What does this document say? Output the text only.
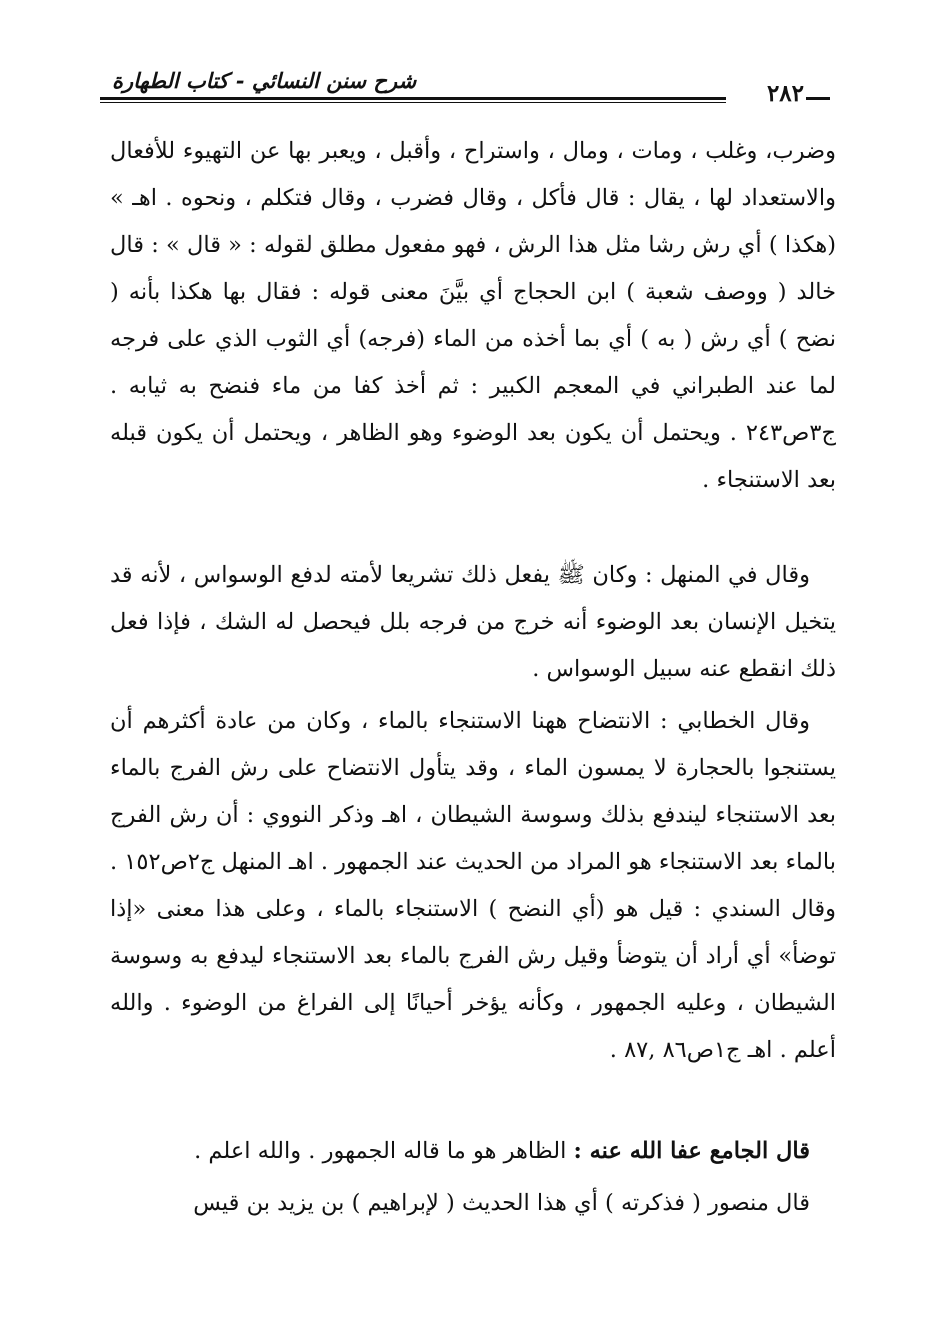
٢٨٢
شرح سنن النسائي - كتاب الطهارة

وضرب، وغلب ، ومات ، ومال ، واستراح ، وأقبل ، ويعبر بها عن التهيوء للأفعال والاستعداد لها ، يقال : قال فأكل ، وقال فضرب ، وقال فتكلم ، ونحوه . اهـ » (هكذا ) أي رش رشا مثل هذا الرش ، فهو مفعول مطلق لقوله : « قال » : قال خالد ( ووصف شعبة ) ابن الحجاج أي بيَّنَ معنى قوله : فقال بها هكذا بأنه ( نضح ) أي رش ( به ) أي بما أخذه من الماء (فرجه) أي الثوب الذي على فرجه لما عند الطبراني في المعجم الكبير : ثم أخذ كفا من ماء فنضح به ثيابه . ج٣ص٢٤٣ . ويحتمل أن يكون بعد الوضوء وهو الظاهر ، ويحتمل أن يكون قبله بعد الاستنجاء .

وقال في المنهل : وكان ﷺ يفعل ذلك تشريعا لأمته لدفع الوسواس ، لأنه قد يتخيل الإنسان بعد الوضوء أنه خرج من فرجه بلل فيحصل له الشك ، فإذا فعل ذلك انقطع عنه سبيل الوسواس .

وقال الخطابي : الانتضاح ههنا الاستنجاء بالماء ، وكان من عادة أكثرهم أن يستنجوا بالحجارة لا يمسون الماء ، وقد يتأول الانتضاح على رش الفرج بالماء بعد الاستنجاء ليندفع بذلك وسوسة الشيطان ، اهـ وذكر النووي : أن رش الفرج بالماء بعد الاستنجاء هو المراد من الحديث عند الجمهور . اهـ المنهل ج٢ص١٥٢ . وقال السندي : قيل هو (أي النضح ) الاستنجاء بالماء ، وعلى هذا معنى «إذا توضأ» أي أراد أن يتوضأ وقيل رش الفرج بالماء بعد الاستنجاء ليدفع به وسوسة الشيطان ، وعليه الجمهور ، وكأنه يؤخر أحيانًا إلى الفراغ من الوضوء . والله أعلم . اهـ ج١ص٨٦ ,٨٧ .

قال الجامع عفا الله عنه : الظاهر هو ما قاله الجمهور . والله اعلم .

قال منصور ( فذكرته ) أي هذا الحديث ( لإبراهيم ) بن يزيد بن قيس
